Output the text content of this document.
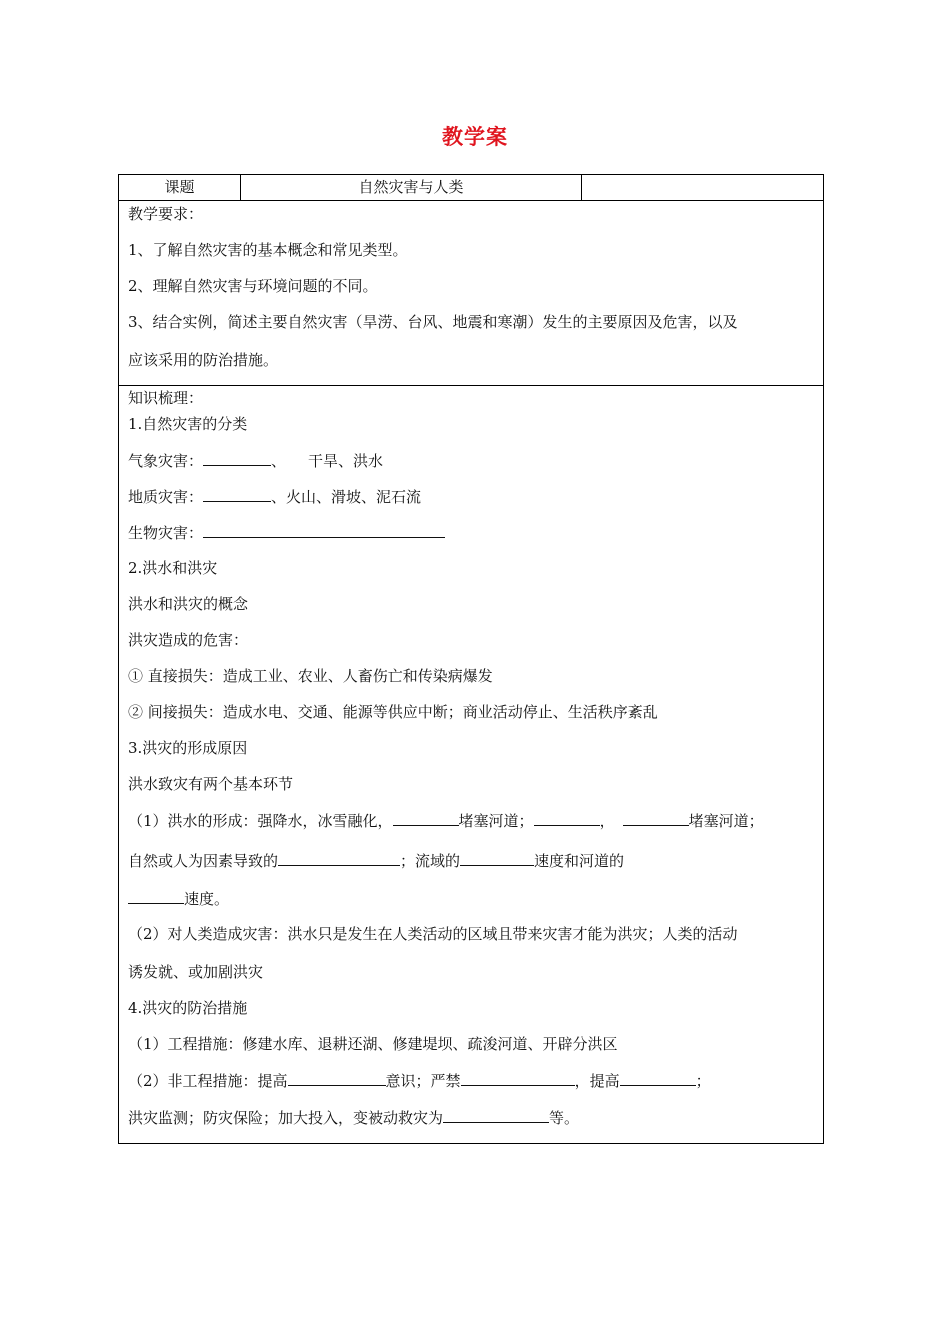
教学案
课题	自然灾害与人类
教学要求：
1、了解自然灾害的基本概念和常见类型。
2、理解自然灾害与环境问题的不同。
3、结合实例，简述主要自然灾害（旱涝、台风、地震和寒潮）发生的主要原因及危害，以及
应该采用的防治措施。
知识梳理：
1.自然灾害的分类
气象灾害：	、 干旱、洪水
地质灾害：	、火山、滑坡、泥石流
生物灾害：
2.洪水和洪灾
洪水和洪灾的概念
洪灾造成的危害：
① 直接损失：造成工业、农业、人畜伤亡和传染病爆发
② 间接损失：造成水电、交通、能源等供应中断；商业活动停止、生活秩序紊乱
3.洪灾的形成原因
洪水致灾有两个基本环节
（1）洪水的形成：强降水，冰雪融化，	堵塞河道；	，	堵塞河道；
自然或人为因素导致的	；流域的	速度和河道的
速度。
（2）对人类造成灾害：洪水只是发生在人类活动的区域且带来灾害才能为洪灾；人类的活动
诱发就、或加剧洪灾
4.洪灾的防治措施
（1）工程措施：修建水库、退耕还湖、修建堤坝、疏浚河道、开辟分洪区
（2）非工程措施：提高	意识；严禁	，提高	；
洪灾监测；防灾保险；加大投入，变被动救灾为	等。
